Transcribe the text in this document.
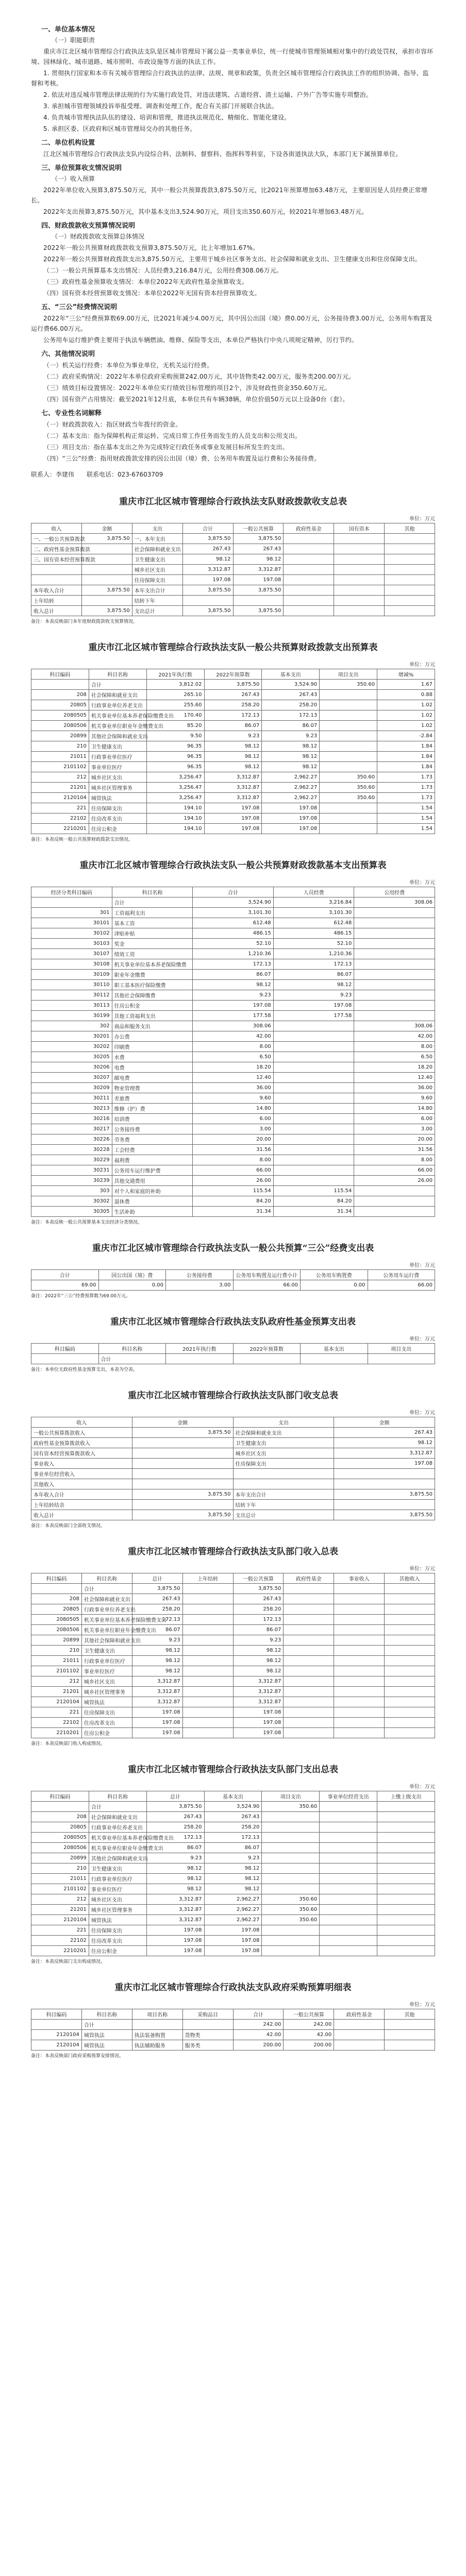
一、单位基本情况
（一）职能职责

重庆市江北区城市管理综合行政执法支队是区城市管理局下属公益一类事业单位，统一行使城市管理领域相对集中的行政处罚权，承担市容环境、园林绿化、城市道路、城市照明、市政设施等方面的执法工作。

1. 贯彻执行国家和本市有关城市管理综合行政执法的法律、法规、规章和政策，负责全区城市管理综合行政执法工作的组织协调、指导、监督和考核。

2. 依法对违反城市管理法律法规的行为实施行政处罚，对违法建筑、占道经营、渣土运输、户外广告等实施专项整治。

3. 承担城市管理领域投诉举报受理、调查和处理工作，配合有关部门开展联合执法。

4. 负责城市管理执法队伍的建设、培训和管理，推进执法规范化、精细化、智能化建设。

5. 承担区委、区政府和区城市管理局交办的其他任务。

二、单位机构设置

江北区城市管理综合行政执法支队内设综合科、法制科、督察科、指挥科等科室，下设各街道执法大队，本部门无下属预算单位。

三、单位预算收支情况说明
（一）收入预算

2022年单位收入预算3,875.50万元，其中一般公共预算拨款3,875.50万元，比2021年预算增加63.48万元，主要原因是人员经费正常增长。

2022年支出预算3,875.50万元，其中基本支出3,524.90万元，项目支出350.60万元，较2021年增加63.48万元。

四、财政拨款收支预算情况说明
（一）财政拨款收支预算总体情况

2022年一般公共预算财政拨款收支预算3,875.50万元，比上年增加1.67%。

2022年一般公共预算财政拨款支出3,875.50万元，主要用于城乡社区事务支出、社会保障和就业支出、卫生健康支出和住房保障支出。

（二）一般公共预算基本支出情况：人员经费3,216.84万元，公用经费308.06万元。

（三）政府性基金预算收支情况：本单位2022年无政府性基金预算收支。

（四）国有资本经营预算收支情况：本单位2022年无国有资本经营预算收支。

五、“三公”经费情况说明

2022年“三公”经费预算数69.00万元，比2021年减少4.00万元，其中因公出国（境）费0.00万元，公务接待费3.00万元，公务用车购置及运行费66.00万元。

公务用车运行维护费主要用于执法车辆燃油、维修、保险等支出，本单位严格执行中央八项规定精神，厉行节约。

六、其他情况说明

（一）机关运行经费：本单位为事业单位，无机关运行经费。

（二）政府采购情况：2022年本单位政府采购预算242.00万元，其中货物类42.00万元，服务类200.00万元。

（三）绩效目标设置情况：2022年本单位实行绩效目标管理的项目2个，涉及财政性资金350.60万元。

（四）国有资产占用情况：截至2021年12月底，本单位共有车辆38辆，单位价值50万元以上设备0台（套）。

七、专业性名词解释

（一）财政拨款收入：指区财政当年拨付的资金。

（二）基本支出：指为保障机构正常运转、完成日常工作任务而发生的人员支出和公用支出。

（三）项目支出：指在基本支出之外为完成特定行政任务或事业发展目标所发生的支出。

（四）“三公”经费：指用财政拨款安排的因公出国（境）费、公务用车购置及运行费和公务接待费。

联系人：李建伟　　联系电话：023-67603709
重庆市江北区城市管理综合行政执法支队财政拨款收支总表
单位：万元
收入	金额	支出	合计	一般公共预算	政府性基金	国有资本	其他
一、一般公共预算拨款	3,875.50	一、本年支出	3,875.50	3,875.50			
二、政府性基金预算拨款		社会保障和就业支出	267.43	267.43			
三、国有资本经营预算拨款		卫生健康支出	98.12	98.12			
		城乡社区支出	3,312.87	3,312.87			
		住房保障支出	197.08	197.08			
本年收入合计	3,875.50	本年支出合计	3,875.50	3,875.50			
上年结转		结转下年					
收入总计	3,875.50	支出总计	3,875.50	3,875.50			
备注：本表反映部门本年度财政拨款收支预算情况。
重庆市江北区城市管理综合行政执法支队一般公共预算财政拨款支出预算表
单位：万元
科目编码	科目名称	2021年执行数	2022年预算数	基本支出	项目支出	增减%
	合计	3,812.02	3,875.50	3,524.90	350.60	1.67
208	社会保障和就业支出	265.10	267.43	267.43		0.88
20805	行政事业单位养老支出	255.60	258.20	258.20		1.02
2080505	机关事业单位基本养老保险缴费支出	170.40	172.13	172.13		1.02
2080506	机关事业单位职业年金缴费支出	85.20	86.07	86.07		1.02
20899	其他社会保障和就业支出	9.50	9.23	9.23		-2.84
210	卫生健康支出	96.35	98.12	98.12		1.84
21011	行政事业单位医疗	96.35	98.12	98.12		1.84
2101102	事业单位医疗	96.35	98.12	98.12		1.84
212	城乡社区支出	3,256.47	3,312.87	2,962.27	350.60	1.73
21201	城乡社区管理事务	3,256.47	3,312.87	2,962.27	350.60	1.73
2120104	城管执法	3,256.47	3,312.87	2,962.27	350.60	1.73
221	住房保障支出	194.10	197.08	197.08		1.54
22102	住房改革支出	194.10	197.08	197.08		1.54
2210201	住房公积金	194.10	197.08	197.08		1.54
备注：本表反映一般公共预算财政拨款支出情况。
重庆市江北区城市管理综合行政执法支队一般公共预算财政拨款基本支出预算表
单位：万元
经济分类科目编码	科目名称	合计	人员经费	公用经费
	合计	3,524.90	3,216.84	308.06
301	工资福利支出	3,101.30	3,101.30	
30101	基本工资	612.48	612.48	
30102	津贴补贴	486.15	486.15	
30103	奖金	52.10	52.10	
30107	绩效工资	1,210.36	1,210.36	
30108	机关事业单位基本养老保险缴费	172.13	172.13	
30109	职业年金缴费	86.07	86.07	
30110	职工基本医疗保险缴费	98.12	98.12	
30112	其他社会保障缴费	9.23	9.23	
30113	住房公积金	197.08	197.08	
30199	其他工资福利支出	177.58	177.58	
302	商品和服务支出	308.06		308.06
30201	办公费	42.00		42.00
30202	印刷费	8.00		8.00
30205	水费	6.50		6.50
30206	电费	18.20		18.20
30207	邮电费	12.40		12.40
30209	物业管理费	36.00		36.00
30211	差旅费	9.60		9.60
30213	维修（护）费	14.80		14.80
30216	培训费	6.00		6.00
30217	公务接待费	3.00		3.00
30226	劳务费	20.00		20.00
30228	工会经费	31.56		31.56
30229	福利费	8.00		8.00
30231	公务用车运行维护费	66.00		66.00
30239	其他交通费用	26.00		26.00
303	对个人和家庭的补助	115.54	115.54	
30302	退休费	84.20	84.20	
30305	生活补助	31.34	31.34	
备注：本表反映一般公共预算基本支出经济分类情况。
重庆市江北区城市管理综合行政执法支队一般公共预算“三公”经费支出表
单位：万元
合计	因公出国（境）费	公务接待费	公务用车购置及运行费小计	公务用车购置费	公务用车运行费
69.00	0.00	3.00	66.00	0.00	66.00
备注：2022年“三公”经费预算数为69.00万元。
重庆市江北区城市管理综合行政执法支队政府性基金预算支出表
单位：万元
科目编码	科目名称	2021年执行数	2022年预算数	基本支出	项目支出
	合计				
备注：本单位无政府性基金预算支出，本表为空表。
重庆市江北区城市管理综合行政执法支队部门收支总表
单位：万元
收入	金额	支出	金额
一般公共预算拨款收入	3,875.50	社会保障和就业支出	267.43
政府性基金预算拨款收入		卫生健康支出	98.12
国有资本经营预算拨款收入		城乡社区支出	3,312.87
事业收入		住房保障支出	197.08
事业单位经营收入			
其他收入			
本年收入合计	3,875.50	本年支出合计	3,875.50
上年结转结余		结转下年	
收入总计	3,875.50	支出总计	3,875.50
备注：本表反映部门全部收支情况。
重庆市江北区城市管理综合行政执法支队部门收入总表
单位：万元
科目编码	科目名称	总计	上年结转	一般公共预算	政府性基金	事业收入	其他收入
	合计	3,875.50		3,875.50			
208	社会保障和就业支出	267.43		267.43			
20805	行政事业单位养老支出	258.20		258.20			
2080505	机关事业单位基本养老保险缴费支出	172.13		172.13			
2080506	机关事业单位职业年金缴费支出	86.07		86.07			
20899	其他社会保障和就业支出	9.23		9.23			
210	卫生健康支出	98.12		98.12			
21011	行政事业单位医疗	98.12		98.12			
2101102	事业单位医疗	98.12		98.12			
212	城乡社区支出	3,312.87		3,312.87			
21201	城乡社区管理事务	3,312.87		3,312.87			
2120104	城管执法	3,312.87		3,312.87			
221	住房保障支出	197.08		197.08			
22102	住房改革支出	197.08		197.08			
2210201	住房公积金	197.08		197.08			
备注：本表反映部门收入构成情况。
重庆市江北区城市管理综合行政执法支队部门支出总表
单位：万元
科目编码	科目名称	总计	基本支出	项目支出	事业单位经营支出	上缴上级支出
	合计	3,875.50	3,524.90	350.60		
208	社会保障和就业支出	267.43	267.43			
20805	行政事业单位养老支出	258.20	258.20			
2080505	机关事业单位基本养老保险缴费支出	172.13	172.13			
2080506	机关事业单位职业年金缴费支出	86.07	86.07			
20899	其他社会保障和就业支出	9.23	9.23			
210	卫生健康支出	98.12	98.12			
21011	行政事业单位医疗	98.12	98.12			
2101102	事业单位医疗	98.12	98.12			
212	城乡社区支出	3,312.87	2,962.27	350.60		
21201	城乡社区管理事务	3,312.87	2,962.27	350.60		
2120104	城管执法	3,312.87	2,962.27	350.60		
221	住房保障支出	197.08	197.08			
22102	住房改革支出	197.08	197.08			
2210201	住房公积金	197.08	197.08			
备注：本表反映部门支出构成情况。
重庆市江北区城市管理综合行政执法支队政府采购预算明细表
单位：万元
科目编码	科目名称	项目名称	采购品目	合计	一般公共预算	政府性基金	其他
	合计			242.00	242.00		
2120104	城管执法	执法装备购置	货物类	42.00	42.00		
2120104	城管执法	执法辅助服务	服务类	200.00	200.00		
备注：本表反映部门政府采购预算安排情况。
